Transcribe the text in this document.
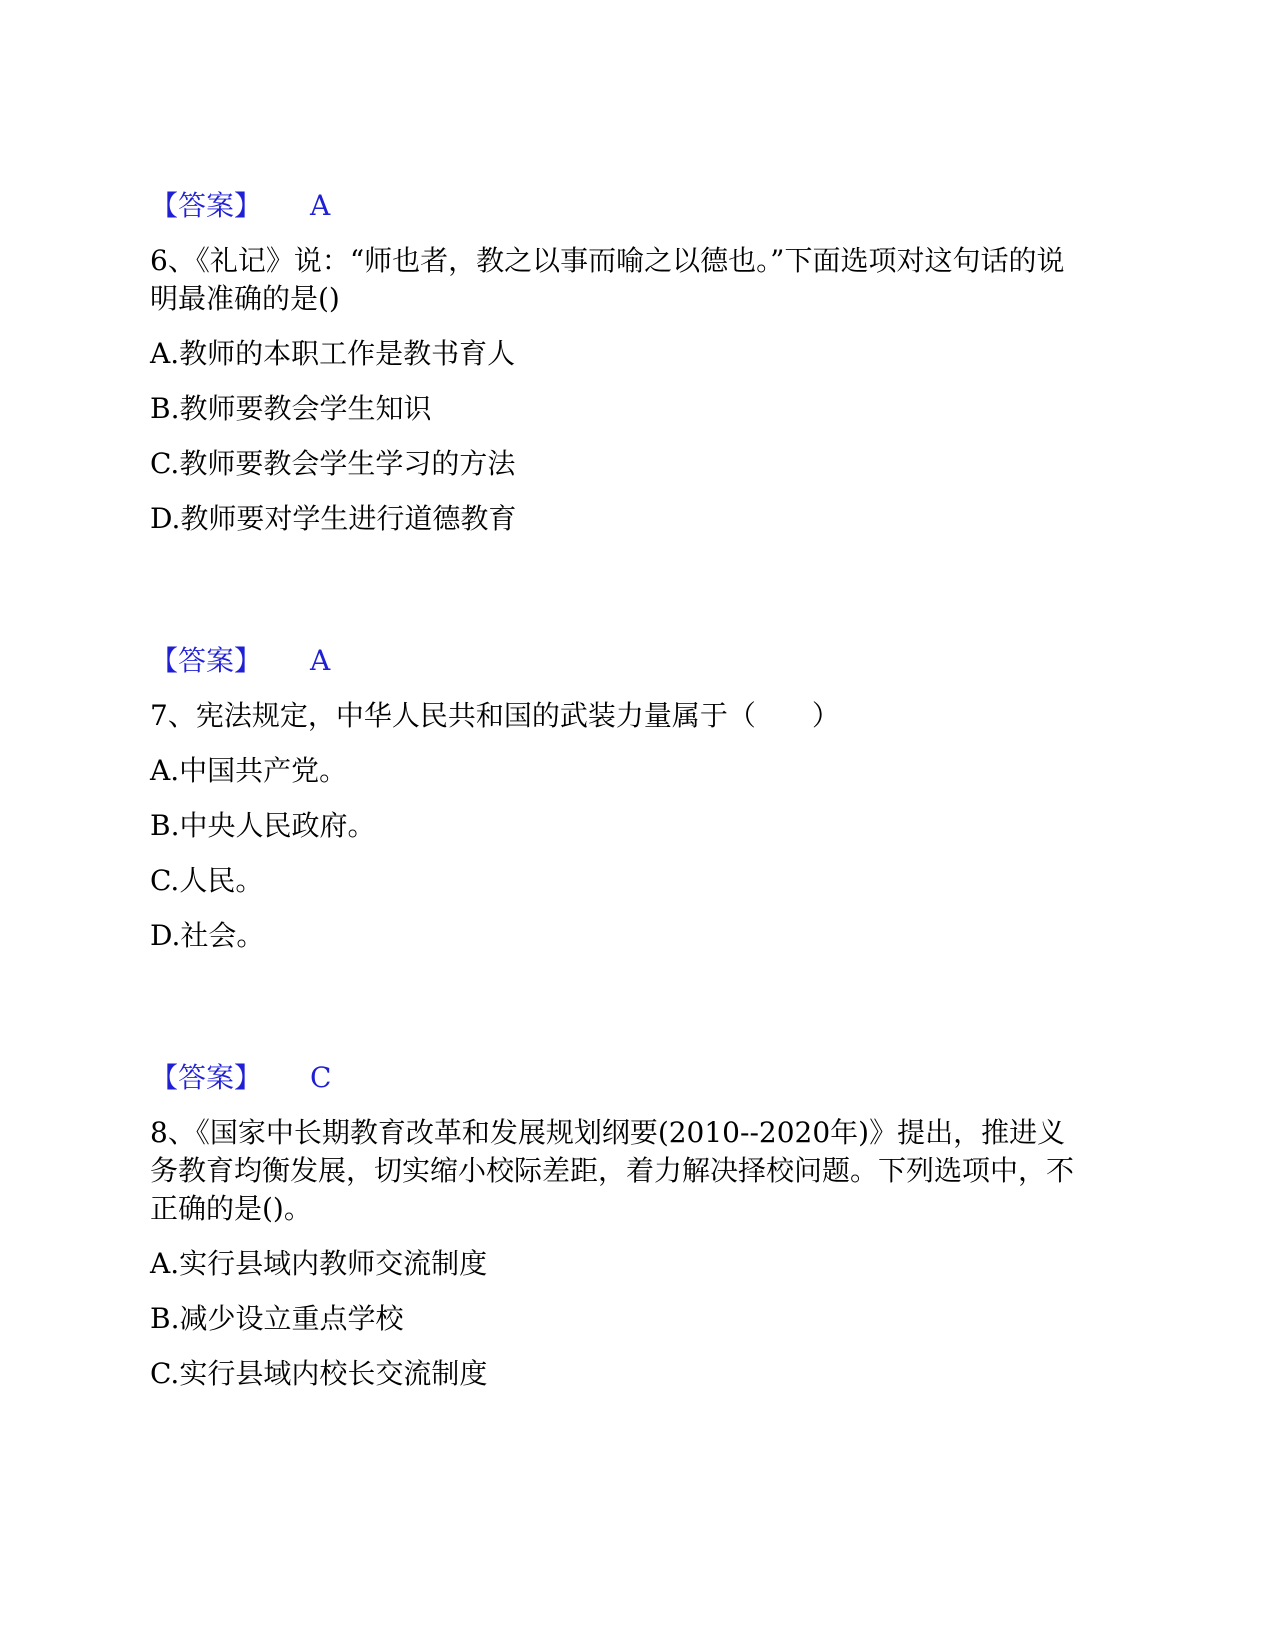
【答案】 A
6、《礼记》说：“师也者，教之以事而喻之以德也。”下面选项对这句话的说
明最准确的是()
A.教师的本职工作是教书育人
B.教师要教会学生知识
C.教师要教会学生学习的方法
D.教师要对学生进行道德教育
【答案】 A
7、宪法规定，中华人民共和国的武装力量属于（　　）
A.中国共产党。
B.中央人民政府。
C.人民。
D.社会。
【答案】 C
8、《国家中长期教育改革和发展规划纲要(2010--2020年)》提出，推进义
务教育均衡发展，切实缩小校际差距，着力解决择校问题。下列选项中，不
正确的是()。
A.实行县域内教师交流制度
B.减少设立重点学校
C.实行县域内校长交流制度
